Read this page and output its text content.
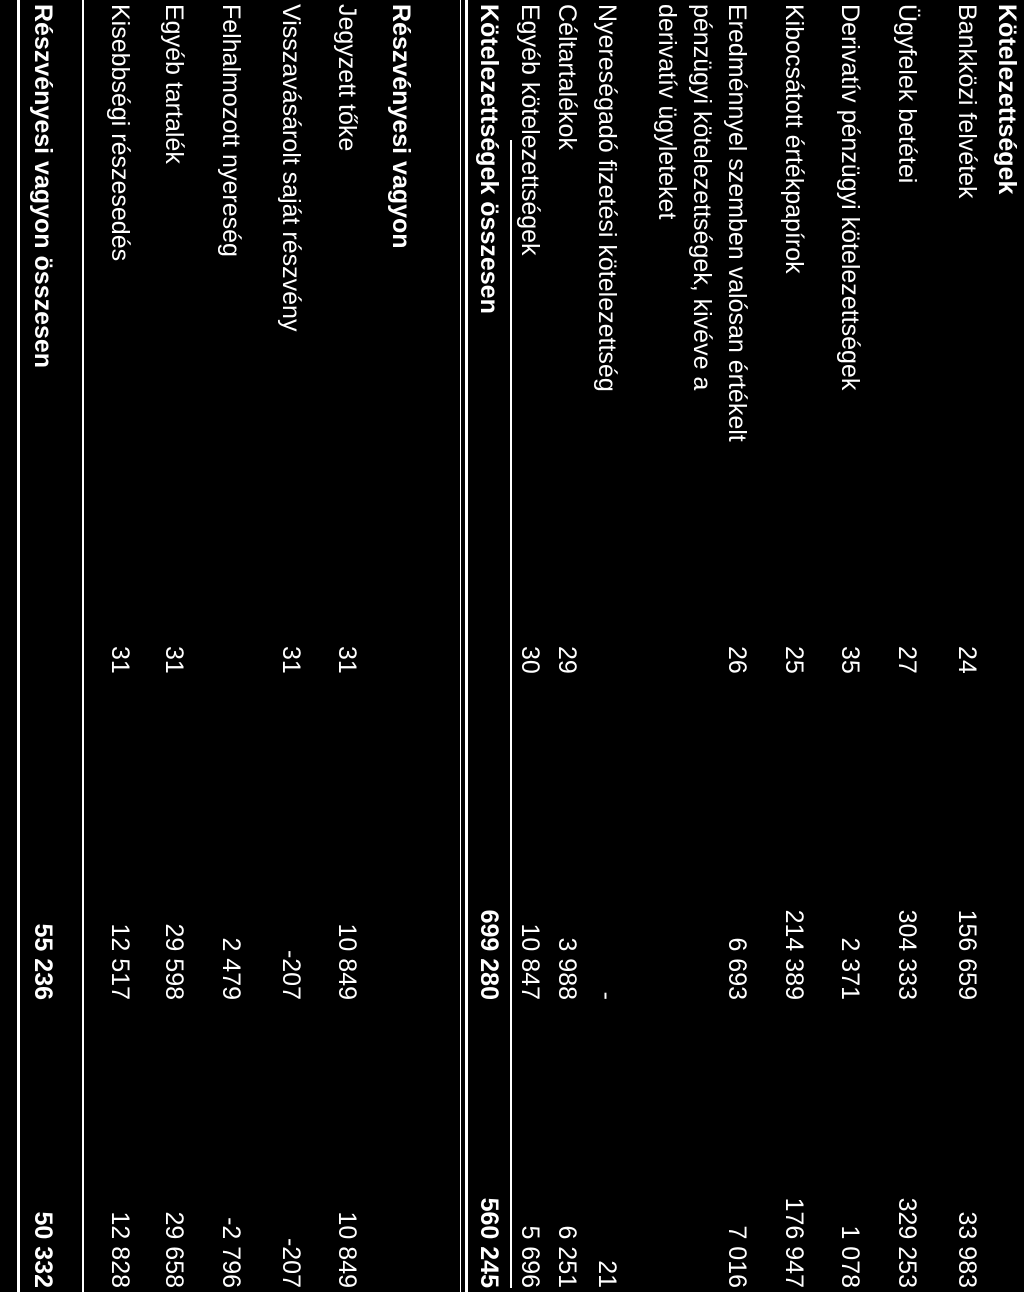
Kötelezettségek
Bankközi felvétek
24
156 659
33 983
Ügyfelek betétei
27
304 333
329 253
Derivatív pénzügyi kötelezettségek
35
2 371
1 078
Kibocsátott értékpapírok
25
214 389
176 947
Eredménnyel szemben valósan értékelt
26
6 693
7 016
pénzügyi kötelezettségek, kivéve a
derivatív ügyleteket
Nyereségadó fizetési kötelezettség
-
21
Céltartalékok
29
3 988
6 251
Egyéb kötelezettségek
30
10 847
5 696
Kötelezettségek összesen
699 280
560 245
Részvényesi vagyon
Jegyzett tőke
31
10 849
10 849
Visszavásárolt saját részvény
31
-207
-207
Felhalmozott nyereség
2 479
-2 796
Egyéb tartalék
31
29 598
29 658
Kisebbségi részesedés
31
12 517
12 828
Részvényesi vagyon összesen
55 236
50 332
